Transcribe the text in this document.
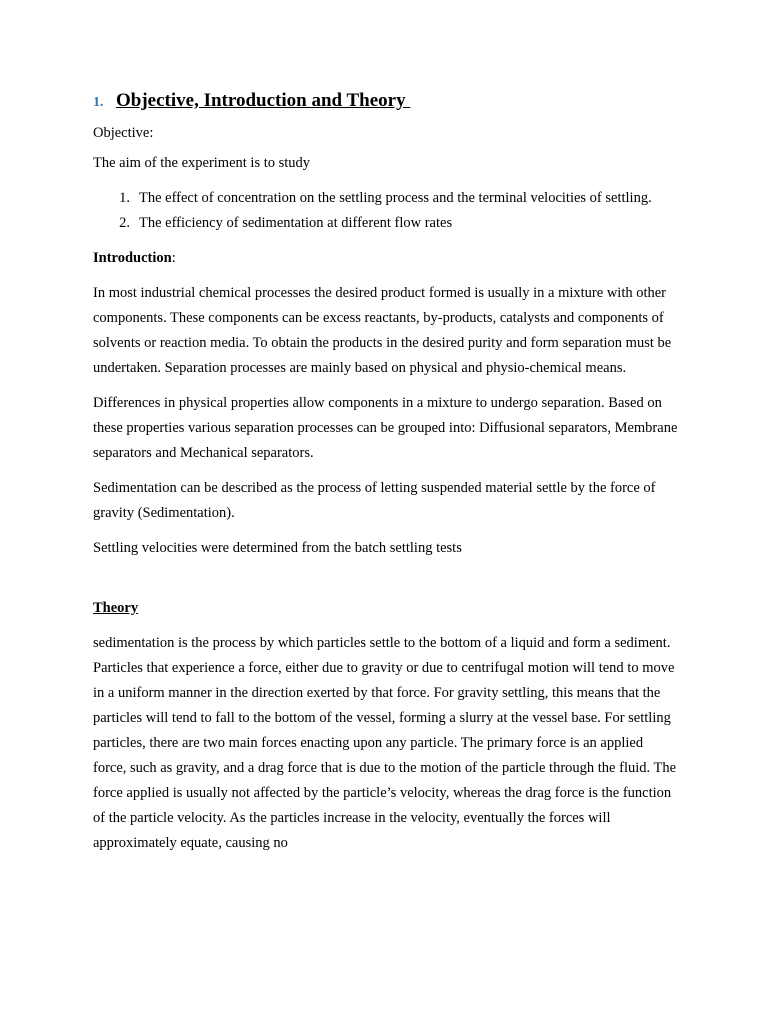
1. Objective, Introduction and Theory

Objective:

The aim of the experiment is to study

1. The effect of concentration on the settling process and the terminal velocities of settling.
2. The efficiency of sedimentation at different flow rates

Introduction:

In most industrial chemical processes the desired product formed is usually in a mixture with other components. These components can be excess reactants, by-products, catalysts and components of solvents or reaction media. To obtain the products in the desired purity and form separation must be undertaken. Separation processes are mainly based on physical and physio-chemical means.

Differences in physical properties allow components in a mixture to undergo separation. Based on these properties various separation processes can be grouped into: Diffusional separators, Membrane separators and Mechanical separators.

Sedimentation can be described as the process of letting suspended material settle by the force of gravity (Sedimentation).

Settling velocities were determined from the batch settling tests

Theory

sedimentation is the process by which particles settle to the bottom of a liquid and form a sediment. Particles that experience a force, either due to gravity or due to centrifugal motion will tend to move in a uniform manner in the direction exerted by that force. For gravity settling, this means that the particles will tend to fall to the bottom of the vessel, forming a slurry at the vessel base. For settling particles, there are two main forces enacting upon any particle. The primary force is an applied force, such as gravity, and a drag force that is due to the motion of the particle through the fluid. The force applied is usually not affected by the particle’s velocity, whereas the drag force is the function of the particle velocity. As the particles increase in the velocity, eventually the forces will approximately equate, causing no
